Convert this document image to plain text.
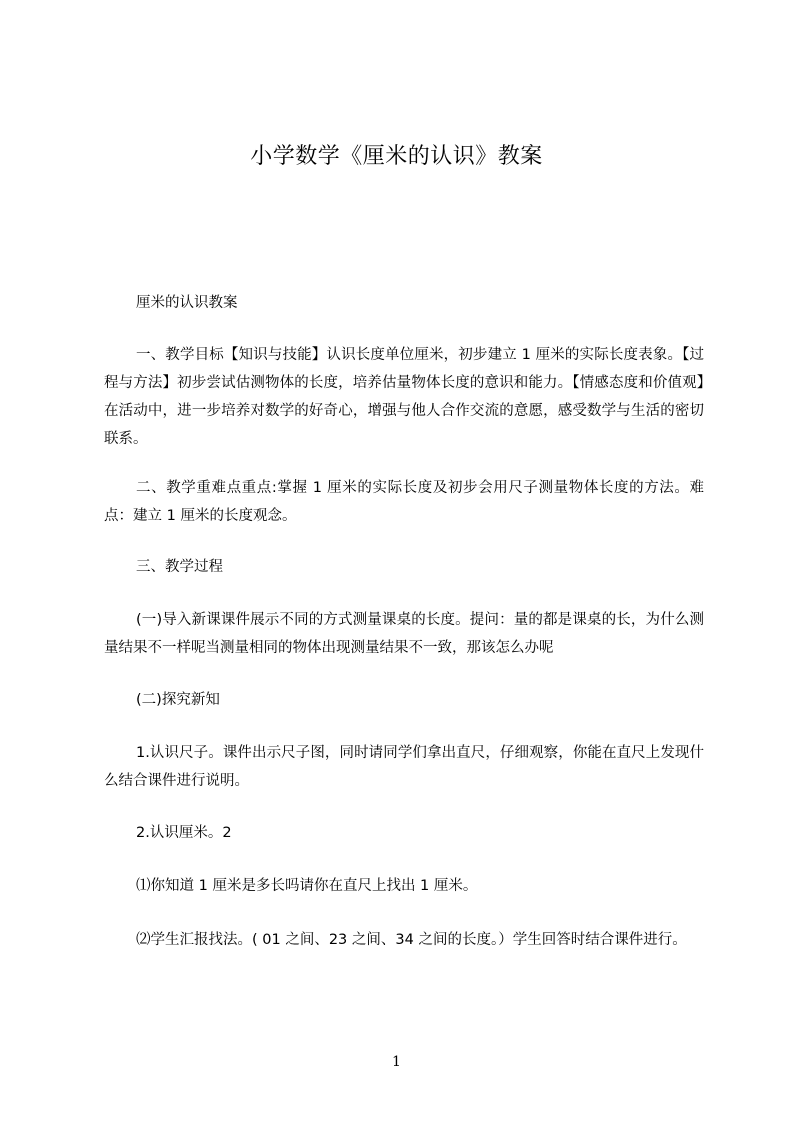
小学数学《厘米的认识》教案
厘米的认识教案
一、教学目标【知识与技能】认识长度单位厘米，初步建立 1 厘米的实际长度表象。【过程与方法】初步尝试估测物体的长度，培养估量物体长度的意识和能力。【情感态度和价值观】在活动中，进一步培养对数学的好奇心，增强与他人合作交流的意愿，感受数学与生活的密切联系。
二、教学重难点重点:掌握 1 厘米的实际长度及初步会用尺子测量物体长度的方法。难点：建立 1 厘米的长度观念。
三、教学过程
(一)导入新课课件展示不同的方式测量课桌的长度。提问：量的都是课桌的长，为什么测量结果不一样呢当测量相同的物体出现测量结果不一致，那该怎么办呢
(二)探究新知
1.认识尺子。课件出示尺子图，同时请同学们拿出直尺，仔细观察，你能在直尺上发现什么结合课件进行说明。
2.认识厘米。2
⑴你知道 1 厘米是多长吗请你在直尺上找出 1 厘米。
⑵学生汇报找法。( 01 之间、23 之间、34 之间的长度。）学生回答时结合课件进行。
1
